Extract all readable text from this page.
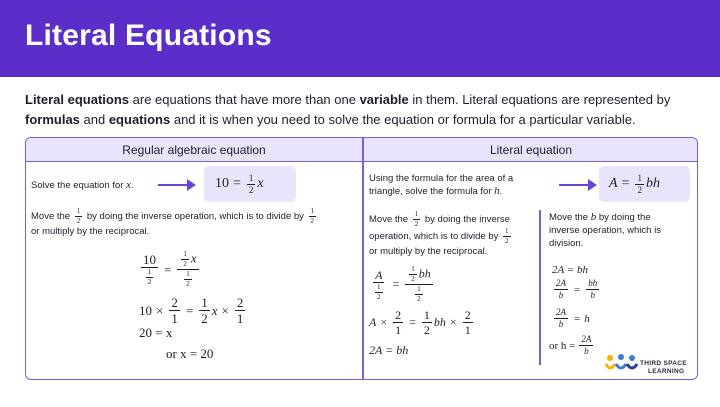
Literal Equations
Literal equations are equations that have more than one variable in them. Literal equations are represented by formulas and equations and it is when you need to solve the equation or formula for a particular variable.
Regular algebraic equation	Literal equation
Solve the equation for x.	$10 = \frac{1}{2}$ x
Move the $\frac{1}{2}$ by doing the inverse operation, which is to divide by $\frac{1}{2}$

or multiply by the reciprocal.
$\frac{10}{\frac{1}{2}} = \frac{\frac{1}{2} x}{\frac{1}{2}}$
$10 \times \frac{2}{1} = \frac{1}{2}$ $x \times \frac{2}{1}$
20 = x
or x = 20
Using the formula for the area of a
triangle, solve the formula for h.
$A = \frac{1}{2}$ bh
Move the $\frac{1}{2}$ by doing the inverse
operation, which is to divide by $\frac{1}{2}$

or multiply by the reciprocal.
$\frac{A}{\frac{1}{2}} = \frac{\frac{1}{2} bh}{\frac{1}{2}}$
$A \times \frac{2}{1} = \frac{1}{2}$ bh × $\frac{2}{1}$
2A = bh
Move the b by doing the
inverse operation, which is
division.
2A = bh
$\frac{2A}{b} = \frac{bh}{b}$
$\frac{2A}{b} = h$
or $h = \frac{2A}{b}$
THIRD SPACE
LEARNING
